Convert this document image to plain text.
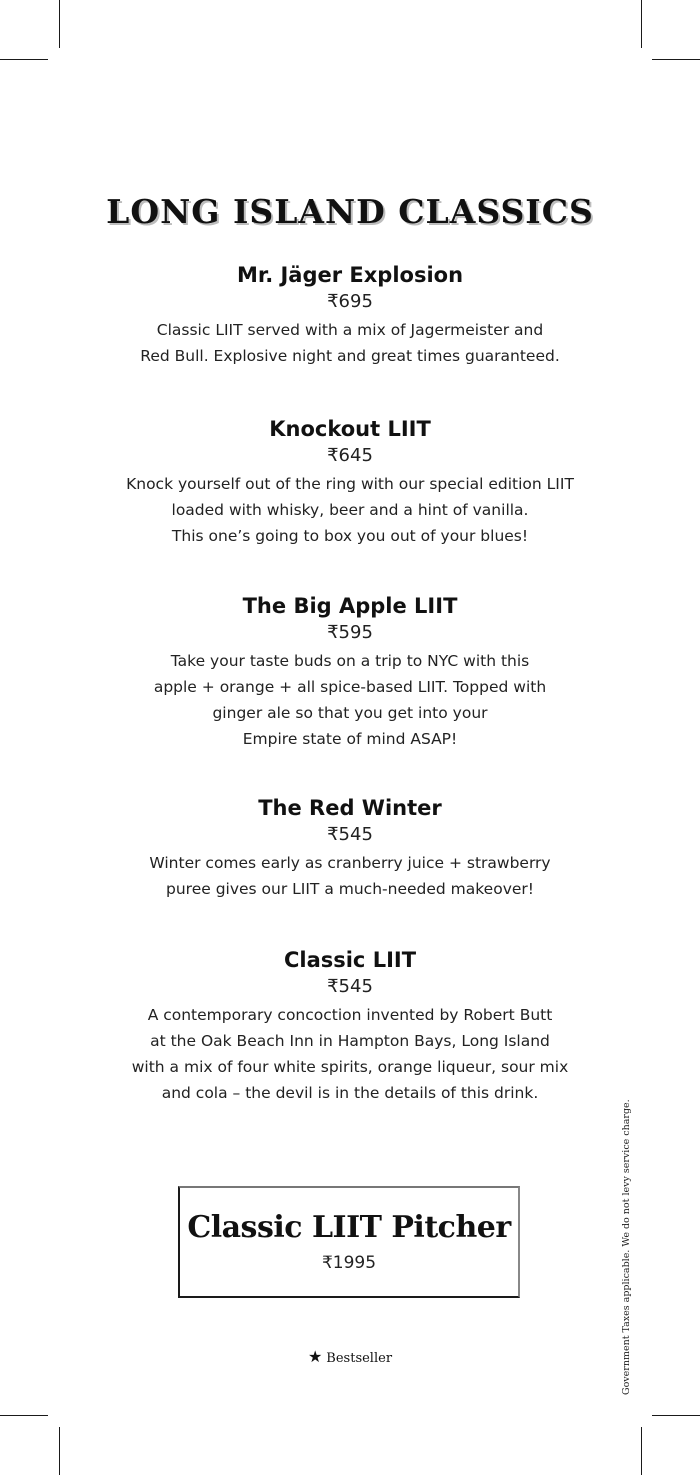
LONG ISLAND CLASSICS
Mr. Jäger Explosion
₹695
Classic LIIT served with a mix of Jagermeister and
Red Bull. Explosive night and great times guaranteed.
Knockout LIIT
₹645
Knock yourself out of the ring with our special edition LIIT
loaded with whisky, beer and a hint of vanilla.
This one’s going to box you out of your blues!
The Big Apple LIIT
₹595
Take your taste buds on a trip to NYC with this
apple + orange + all spice-based LIIT. Topped with
ginger ale so that you get into your
Empire state of mind ASAP!
The Red Winter
₹545
Winter comes early as cranberry juice + strawberry
puree gives our LIIT a much-needed makeover!
Classic LIIT
₹545
A contemporary concoction invented by Robert Butt
at the Oak Beach Inn in Hampton Bays, Long Island
with a mix of four white spirits, orange liqueur, sour mix
and cola – the devil is in the details of this drink.
Classic LIIT Pitcher
₹1995
★ Bestseller	Government Taxes applicable. We do not levy service charge.
